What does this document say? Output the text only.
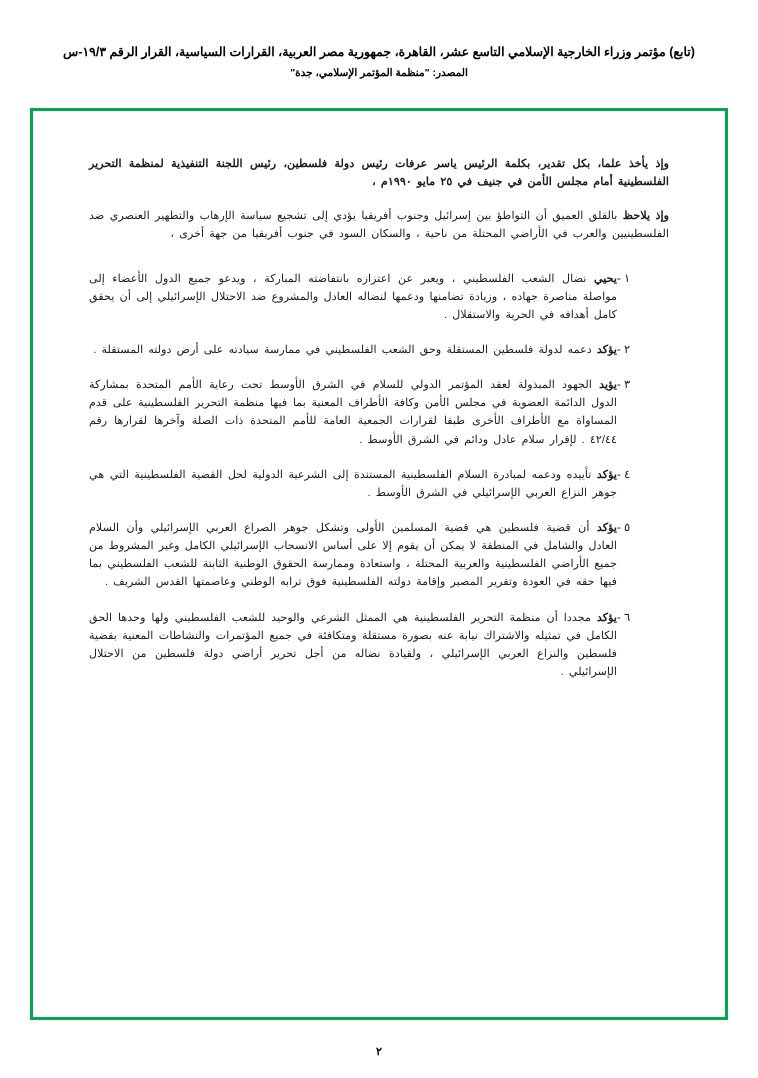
(تابع) مؤتمر وزراء الخارجية الإسلامي التاسع عشر، القاهرة، جمهورية مصر العربية، القرارات السياسية، القرار الرقم ١٩/٣-س
المصدر: "منظمة المؤتمر الإسلامي، جدة"

وإذ يأخذ علما، بكل تقدير، بكلمة الرئيس ياسر عرفات رئيس دولة فلسطين، رئيس اللجنة التنفيذية لمنظمة التحرير الفلسطينية أمام مجلس الأمن في جنيف في ٢٥ مايو ١٩٩٠م ،

وإذ يلاحظ بالقلق العميق أن التواطؤ بين إسرائيل وجنوب أفريقيا يؤدي إلى تشجيع سياسة الإرهاب والتطهير العنصري ضد الفلسطينيين والعرب في الأراضي المحتلة من ناحية ، والسكان السود في جنوب أفريقيا من جهة أخرى ،

١ -
يحيي نضال الشعب الفلسطيني ، ويعبر عن اعتزازه بانتفاضته المباركة ، ويدعو جميع الدول الأعضاء إلى مواصلة مناصرة جهاده ، وزيادة تضامنها ودعمها لنضاله العادل والمشروع ضد الاحتلال الإسرائيلي إلى أن يحقق كامل أهدافه في الحرية والاستقلال .
٢ -
يؤكد دعمه لدولة فلسطين المستقلة وحق الشعب الفلسطيني في ممارسة سيادته على أرض دولته المستقلة .
٣ -
يؤيد الجهود المبذولة لعقد المؤتمر الدولي للسلام في الشرق الأوسط تحت رعاية الأمم المتحدة بمشاركة الدول الدائمة العضوية في مجلس الأمن وكافة الأطراف المعنية بما فيها منظمة التحرير الفلسطينية على قدم المساواة مع الأطراف الأخرى طبقا لقرارات الجمعية العامة للأمم المتحدة ذات الصلة وآخرها لقرارها رقم ٤٢/٤٤ . لإقرار سلام عادل ودائم في الشرق الأوسط .
٤ -
يؤكد تأييده ودعمه لمبادرة السلام الفلسطينية المستندة إلى الشرعية الدولية لحل القضية الفلسطينية التي هي جوهر النزاع العربي الإسرائيلي في الشرق الأوسط .
٥ -
يؤكد أن قضية فلسطين هي قضية المسلمين الأولى وتشكل جوهر الصراع العربي الإسرائيلي وأن السلام العادل والشامل في المنطقة لا يمكن أن يقوم إلا على أساس الانسحاب الإسرائيلي الكامل وغير المشروط من جميع الأراضي الفلسطينية والعربية المحتلة ، واستعادة وممارسة الحقوق الوطنية الثابتة للشعب الفلسطيني بما فيها حقه في العودة وتقرير المصير وإقامة دولته الفلسطينية فوق ترابه الوطني وعاصمتها القدس الشريف .
٦ -
يؤكد مجددا أن منظمة التحرير الفلسطينية هي الممثل الشرعي والوحيد للشعب الفلسطيني ولها وحدها الحق الكامل في تمثيله والاشتراك نيابة عنه بصورة مستقلة ومتكافئة في جميع المؤتمرات والنشاطات المعنية بقضية فلسطين والنزاع العربي الإسرائيلي ، ولقيادة نضاله من أجل تحرير أراضي دولة فلسطين من الاحتلال الإسرائيلي .
٢
